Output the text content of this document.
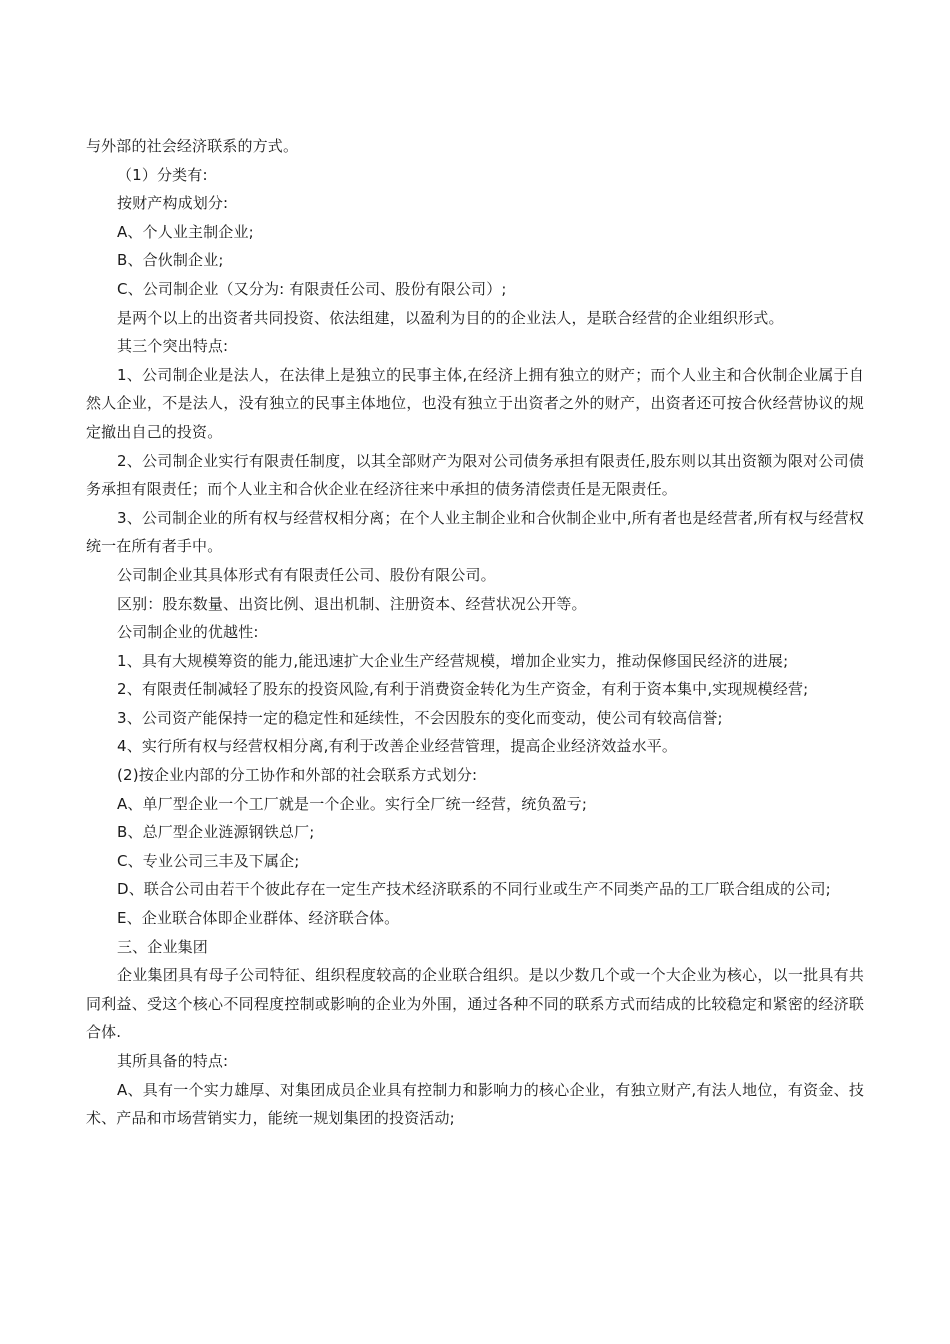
与外部的社会经济联系的方式。

（1）分类有:

按财产构成划分:

A、个人业主制企业;

B、合伙制企业;

C、公司制企业（又分为: 有限责任公司、股份有限公司）;

是两个以上的出资者共同投资、依法组建，以盈利为目的的企业法人，是联合经营的企业组织形式。

其三个突出特点:

1、公司制企业是法人，在法律上是独立的民事主体,在经济上拥有独立的财产；而个人业主和合伙制企业属于自然人企业，不是法人，没有独立的民事主体地位，也没有独立于出资者之外的财产，出资者还可按合伙经营协议的规定撤出自己的投资。

2、公司制企业实行有限责任制度，以其全部财产为限对公司债务承担有限责任,股东则以其出资额为限对公司债务承担有限责任；而个人业主和合伙企业在经济往来中承担的债务清偿责任是无限责任。

3、公司制企业的所有权与经营权相分离；在个人业主制企业和合伙制企业中,所有者也是经营者,所有权与经营权统一在所有者手中。

公司制企业其具体形式有有限责任公司、股份有限公司。

区别：股东数量、出资比例、退出机制、注册资本、经营状况公开等。

公司制企业的优越性:

1、具有大规模筹资的能力,能迅速扩大企业生产经营规模，增加企业实力，推动保修国民经济的进展;

2、有限责任制减轻了股东的投资风险,有利于消费资金转化为生产资金，有利于资本集中,实现规模经营;

3、公司资产能保持一定的稳定性和延续性，不会因股东的变化而变动，使公司有较高信誉;

4、实行所有权与经营权相分离,有利于改善企业经营管理，提高企业经济效益水平。

(2)按企业内部的分工协作和外部的社会联系方式划分:

A、单厂型企业一个工厂就是一个企业。实行全厂统一经营，统负盈亏;

B、总厂型企业涟源钢铁总厂;

C、专业公司三丰及下属企;

D、联合公司由若干个彼此存在一定生产技术经济联系的不同行业或生产不同类产品的工厂联合组成的公司;

E、企业联合体即企业群体、经济联合体。

三、企业集团

企业集团具有母子公司特征、组织程度较高的企业联合组织。是以少数几个或一个大企业为核心，以一批具有共同利益、受这个核心不同程度控制或影响的企业为外围，通过各种不同的联系方式而结成的比较稳定和紧密的经济联合体.

其所具备的特点:

A、具有一个实力雄厚、对集团成员企业具有控制力和影响力的核心企业，有独立财产,有法人地位，有资金、技术、产品和市场营销实力，能统一规划集团的投资活动;
